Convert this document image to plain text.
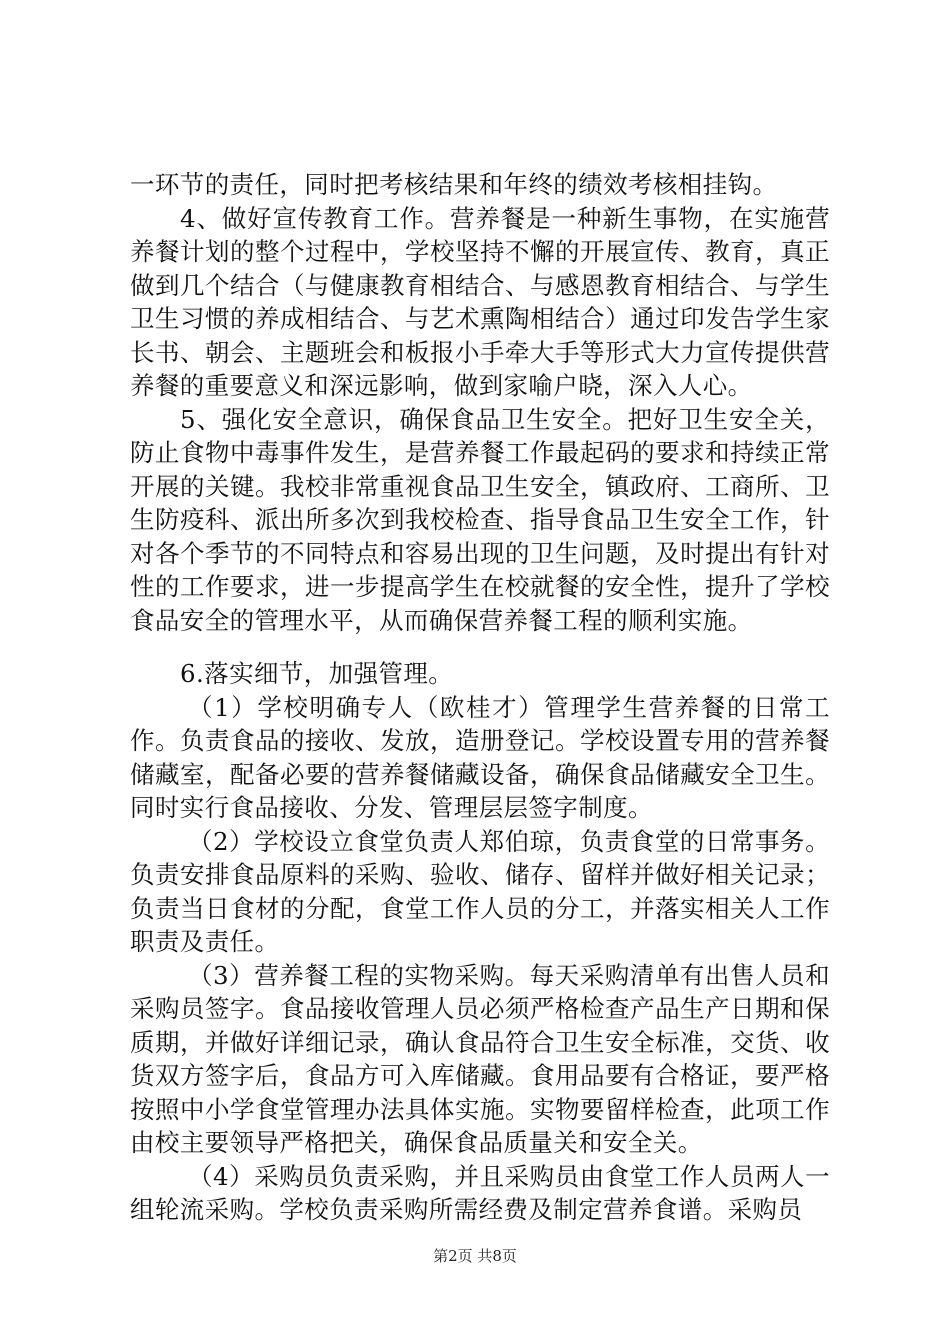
一环节的责任，同时把考核结果和年终的绩效考核相挂钩。

4、做好宣传教育工作。营养餐是一种新生事物，在实施营养餐计划的整个过程中，学校坚持不懈的开展宣传、教育，真正做到几个结合（与健康教育相结合、与感恩教育相结合、与学生卫生习惯的养成相结合、与艺术熏陶相结合）通过印发告学生家长书、朝会、主题班会和板报小手牵大手等形式大力宣传提供营养餐的重要意义和深远影响，做到家喻户晓，深入人心。

5、强化安全意识，确保食品卫生安全。把好卫生安全关，防止食物中毒事件发生，是营养餐工作最起码的要求和持续正常开展的关键。我校非常重视食品卫生安全，镇政府、工商所、卫生防疫科、派出所多次到我校检查、指导食品卫生安全工作，针对各个季节的不同特点和容易出现的卫生问题，及时提出有针对性的工作要求，进一步提高学生在校就餐的安全性，提升了学校食品安全的管理水平，从而确保营养餐工程的顺利实施。

6.落实细节，加强管理。

（1）学校明确专人（欧桂才）管理学生营养餐的日常工作。负责食品的接收、发放，造册登记。学校设置专用的营养餐储藏室，配备必要的营养餐储藏设备，确保食品储藏安全卫生。同时实行食品接收、分发、管理层层签字制度。

（2）学校设立食堂负责人郑伯琼，负责食堂的日常事务。负责安排食品原料的采购、验收、储存、留样并做好相关记录；负责当日食材的分配，食堂工作人员的分工，并落实相关人工作职责及责任。

（3）营养餐工程的实物采购。每天采购清单有出售人员和采购员签字。食品接收管理人员必须严格检查产品生产日期和保质期，并做好详细记录，确认食品符合卫生安全标准，交货、收货双方签字后，食品方可入库储藏。食用品要有合格证，要严格按照中小学食堂管理办法具体实施。实物要留样检查，此项工作由校主要领导严格把关，确保食品质量关和安全关。

（4）采购员负责采购，并且采购员由食堂工作人员两人一组轮流采购。学校负责采购所需经费及制定营养食谱。采购员

第2页 共8页
